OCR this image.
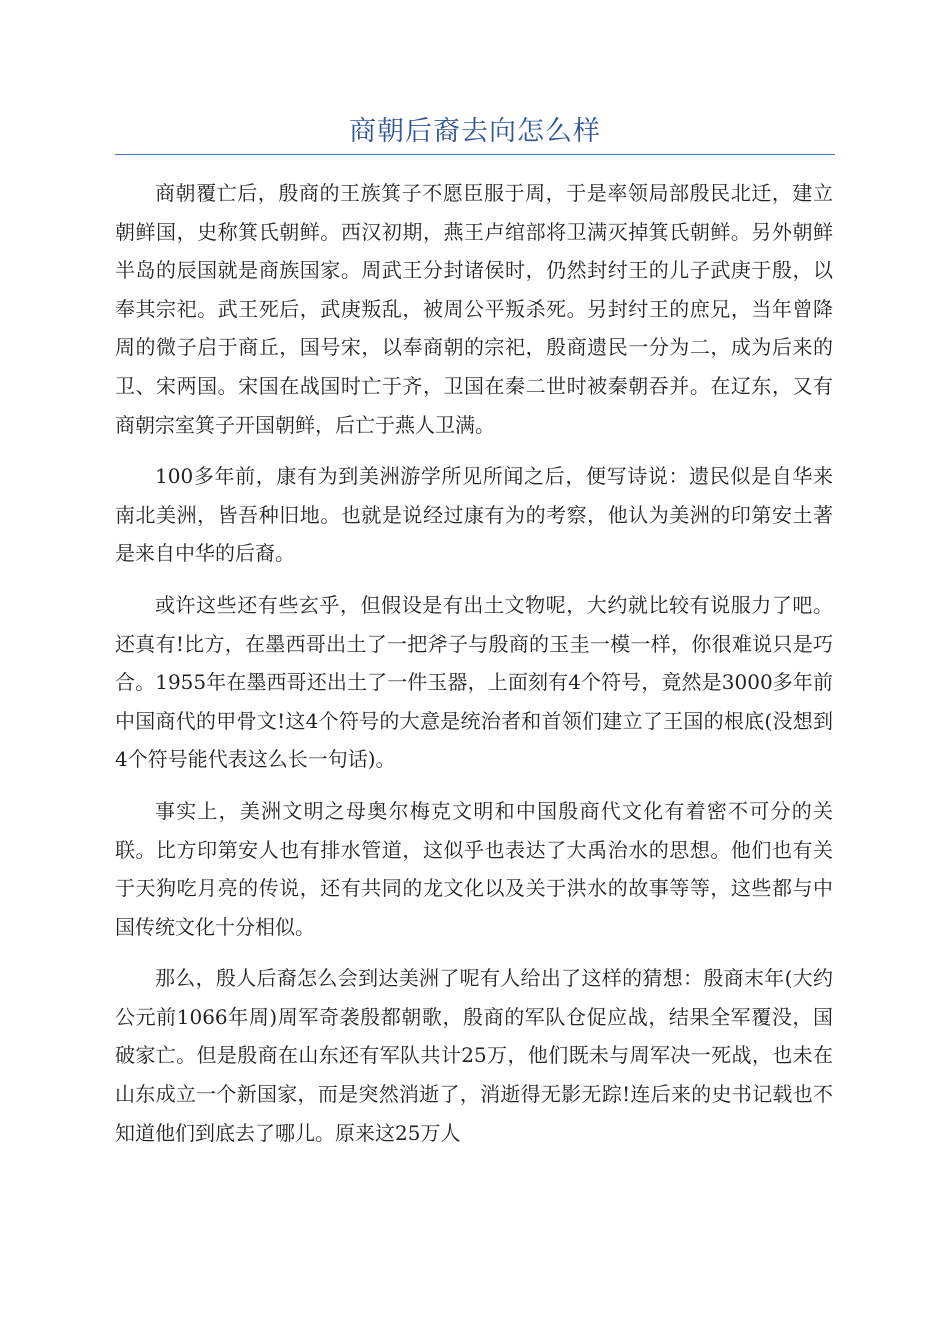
商朝后裔去向怎么样

商朝覆亡后，殷商的王族箕子不愿臣服于周，于是率领局部殷民北迁，建立朝鲜国，史称箕氏朝鲜。西汉初期，燕王卢绾部将卫满灭掉箕氏朝鲜。另外朝鲜半岛的辰国就是商族国家。周武王分封诸侯时，仍然封纣王的儿子武庚于殷，以奉其宗祀。武王死后，武庚叛乱，被周公平叛杀死。另封纣王的庶兄，当年曾降周的微子启于商丘，国号宋，以奉商朝的宗祀，殷商遗民一分为二，成为后来的卫、宋两国。宋国在战国时亡于齐，卫国在秦二世时被秦朝吞并。在辽东，又有商朝宗室箕子开国朝鲜，后亡于燕人卫满。

100多年前，康有为到美洲游学所见所闻之后，便写诗说：遗民似是自华来南北美洲，皆吾种旧地。也就是说经过康有为的考察，他认为美洲的印第安土著是来自中华的后裔。

或许这些还有些玄乎，但假设是有出土文物呢，大约就比较有说服力了吧。还真有!比方，在墨西哥出土了一把斧子与殷商的玉圭一模一样，你很难说只是巧合。1955年在墨西哥还出土了一件玉器，上面刻有4个符号，竟然是3000多年前中国商代的甲骨文!这4个符号的大意是统治者和首领们建立了王国的根底(没想到4个符号能代表这么长一句话)。

事实上，美洲文明之母奥尔梅克文明和中国殷商代文化有着密不可分的关联。比方印第安人也有排水管道，这似乎也表达了大禹治水的思想。他们也有关于天狗吃月亮的传说，还有共同的龙文化以及关于洪水的故事等等，这些都与中国传统文化十分相似。

那么，殷人后裔怎么会到达美洲了呢有人给出了这样的猜想：殷商末年(大约公元前1066年周)周军奇袭殷都朝歌，殷商的军队仓促应战，结果全军覆没，国破家亡。但是殷商在山东还有军队共计25万，他们既未与周军决一死战，也未在山东成立一个新国家，而是突然消逝了，消逝得无影无踪!连后来的史书记载也不知道他们到底去了哪儿。原来这25万人
